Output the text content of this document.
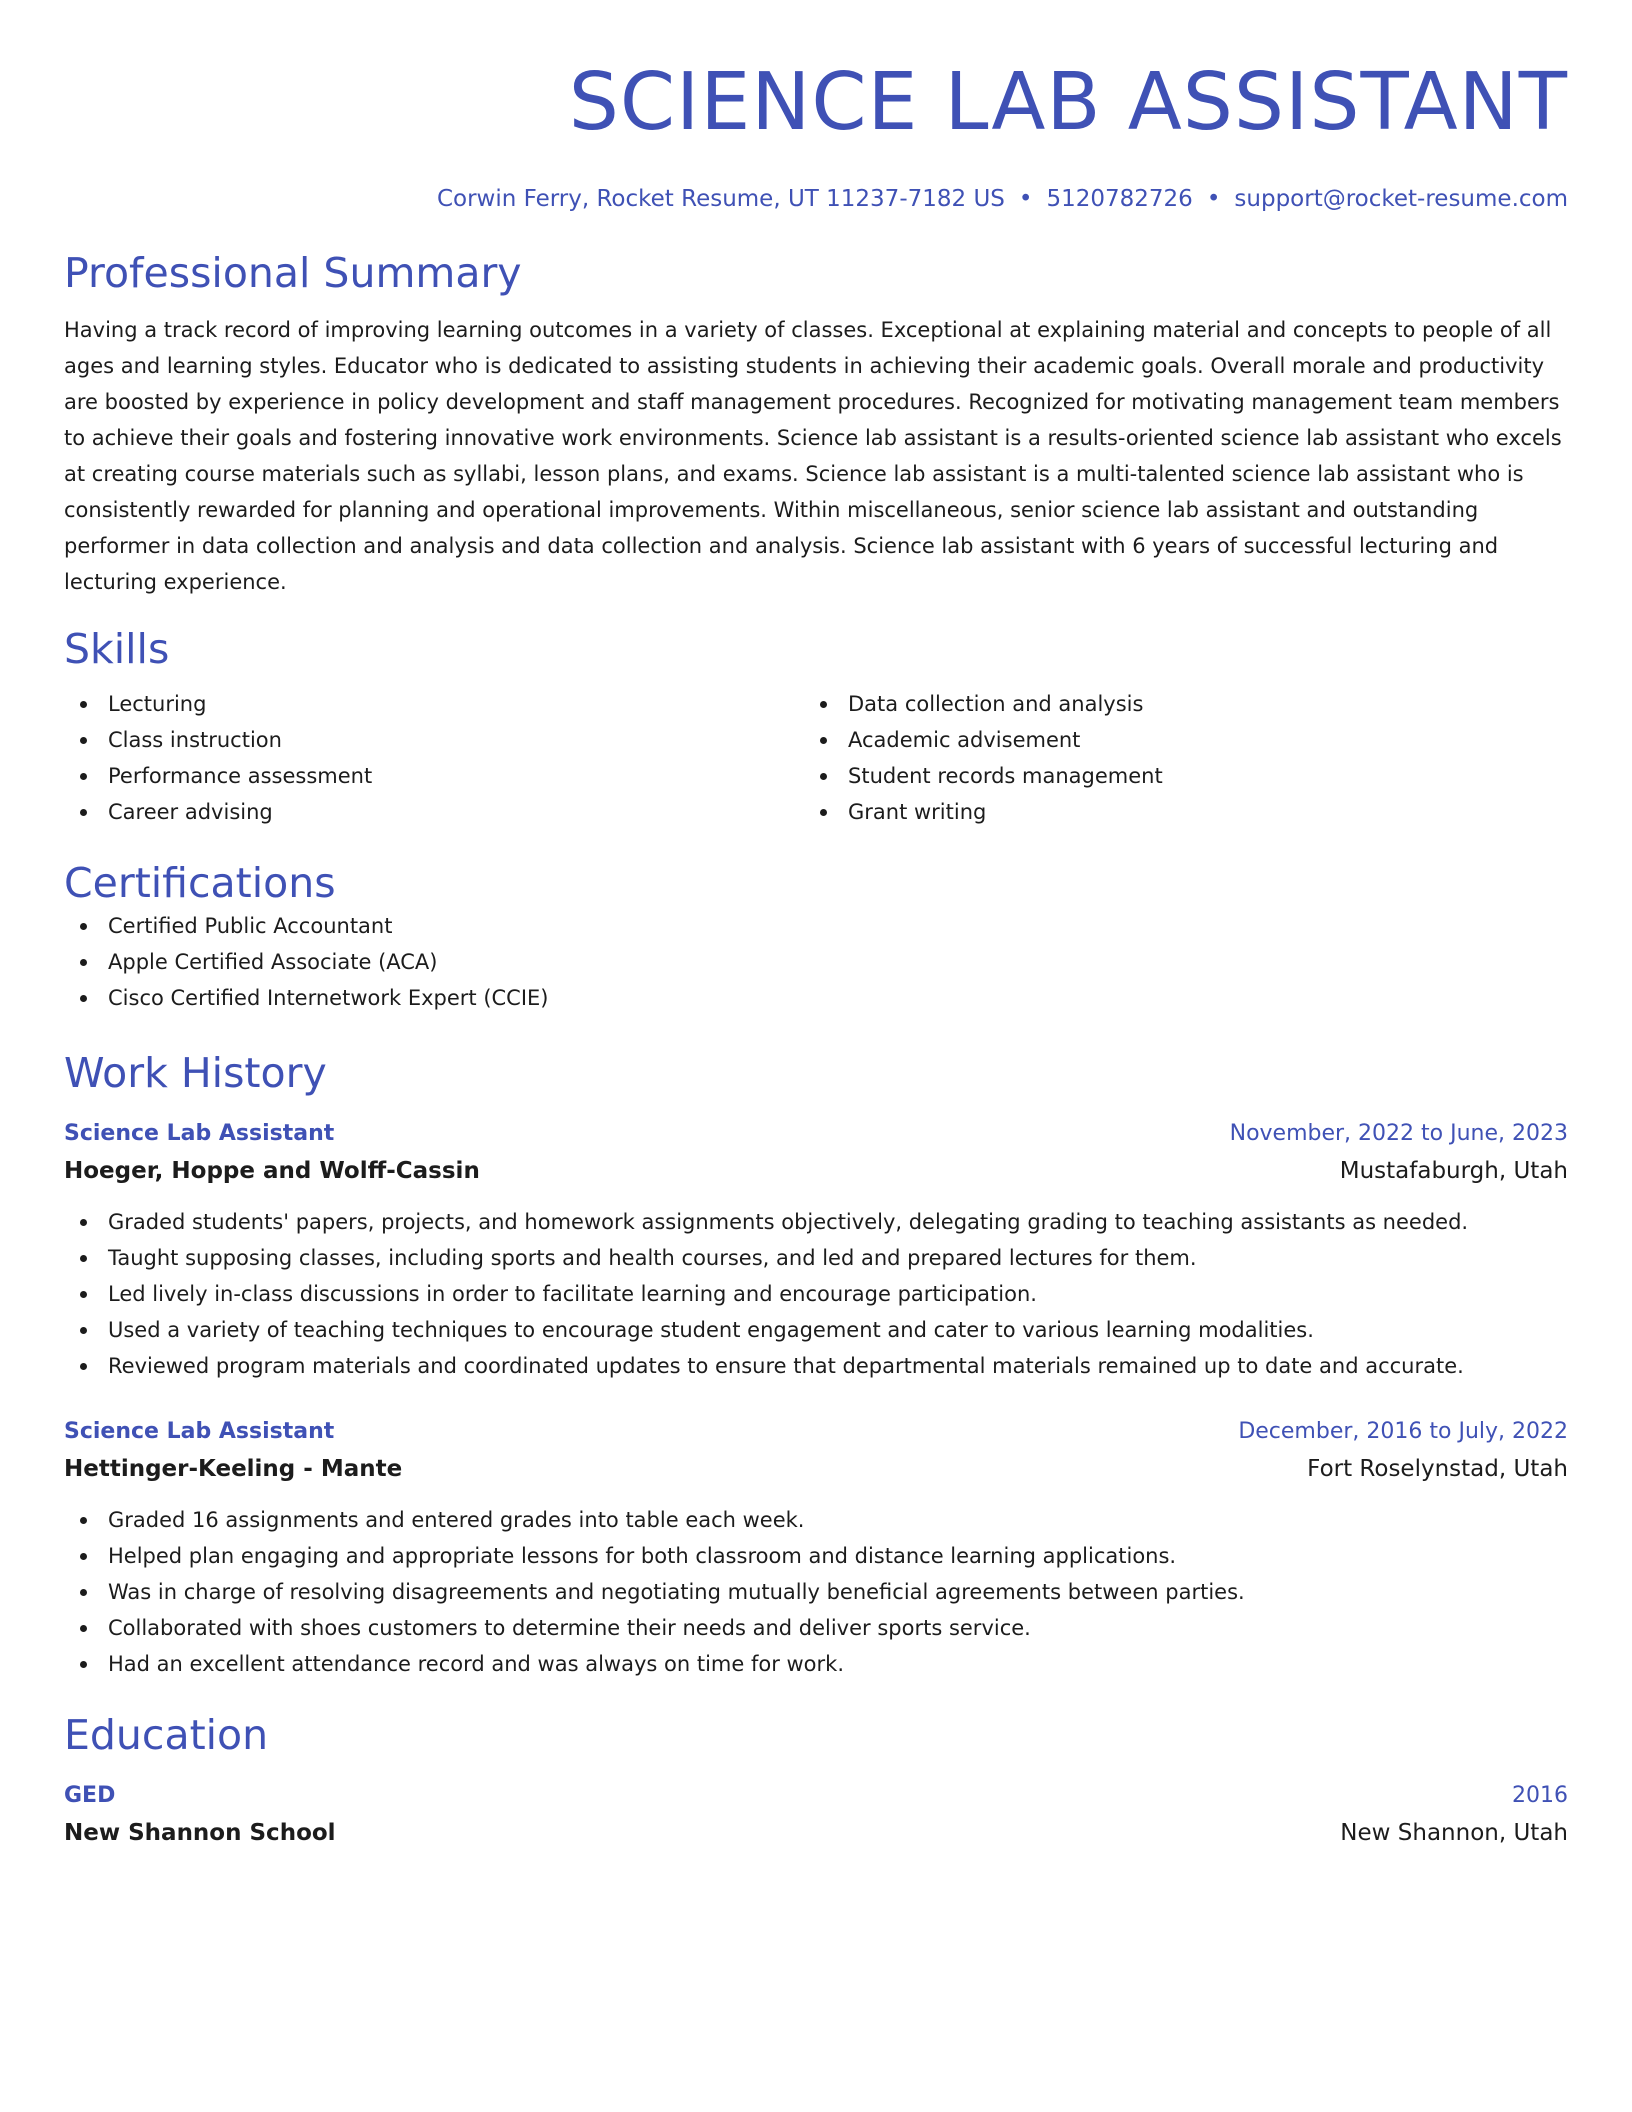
SCIENCE LAB ASSISTANT
Corwin Ferry, Rocket Resume, UT 11237-7182 US • 5120782726 • support@rocket-resume.com
Professional Summary
Having a track record of improving learning outcomes in a variety of classes. Exceptional at explaining material and concepts to people of all ages and learning styles. Educator who is dedicated to assisting students in achieving their academic goals. Overall morale and productivity are boosted by experience in policy development and staff management procedures. Recognized for motivating management team members to achieve their goals and fostering innovative work environments. Science lab assistant is a results-oriented science lab assistant who excels at creating course materials such as syllabi, lesson plans, and exams. Science lab assistant is a multi-talented science lab assistant who is consistently rewarded for planning and operational improvements. Within miscellaneous, senior science lab assistant and outstanding performer in data collection and analysis and data collection and analysis. Science lab assistant with 6 years of successful lecturing and lecturing experience.
Skills
Lecturing
Class instruction
Performance assessment
Career advising
Data collection and analysis
Academic advisement
Student records management
Grant writing
Certifications
Certified Public Accountant
Apple Certified Associate (ACA)
Cisco Certified Internetwork Expert (CCIE)
Work History
Science Lab Assistant	November, 2022 to June, 2023
Hoeger, Hoppe and Wolff-Cassin	Mustafaburgh, Utah
Graded students' papers, projects, and homework assignments objectively, delegating grading to teaching assistants as needed.
Taught supposing classes, including sports and health courses, and led and prepared lectures for them.
Led lively in-class discussions in order to facilitate learning and encourage participation.
Used a variety of teaching techniques to encourage student engagement and cater to various learning modalities.
Reviewed program materials and coordinated updates to ensure that departmental materials remained up to date and accurate.
Science Lab Assistant	December, 2016 to July, 2022
Hettinger-Keeling - Mante	Fort Roselynstad, Utah
Graded 16 assignments and entered grades into table each week.
Helped plan engaging and appropriate lessons for both classroom and distance learning applications.
Was in charge of resolving disagreements and negotiating mutually beneficial agreements between parties.
Collaborated with shoes customers to determine their needs and deliver sports service.
Had an excellent attendance record and was always on time for work.
Education
GED	2016
New Shannon School	New Shannon, Utah
